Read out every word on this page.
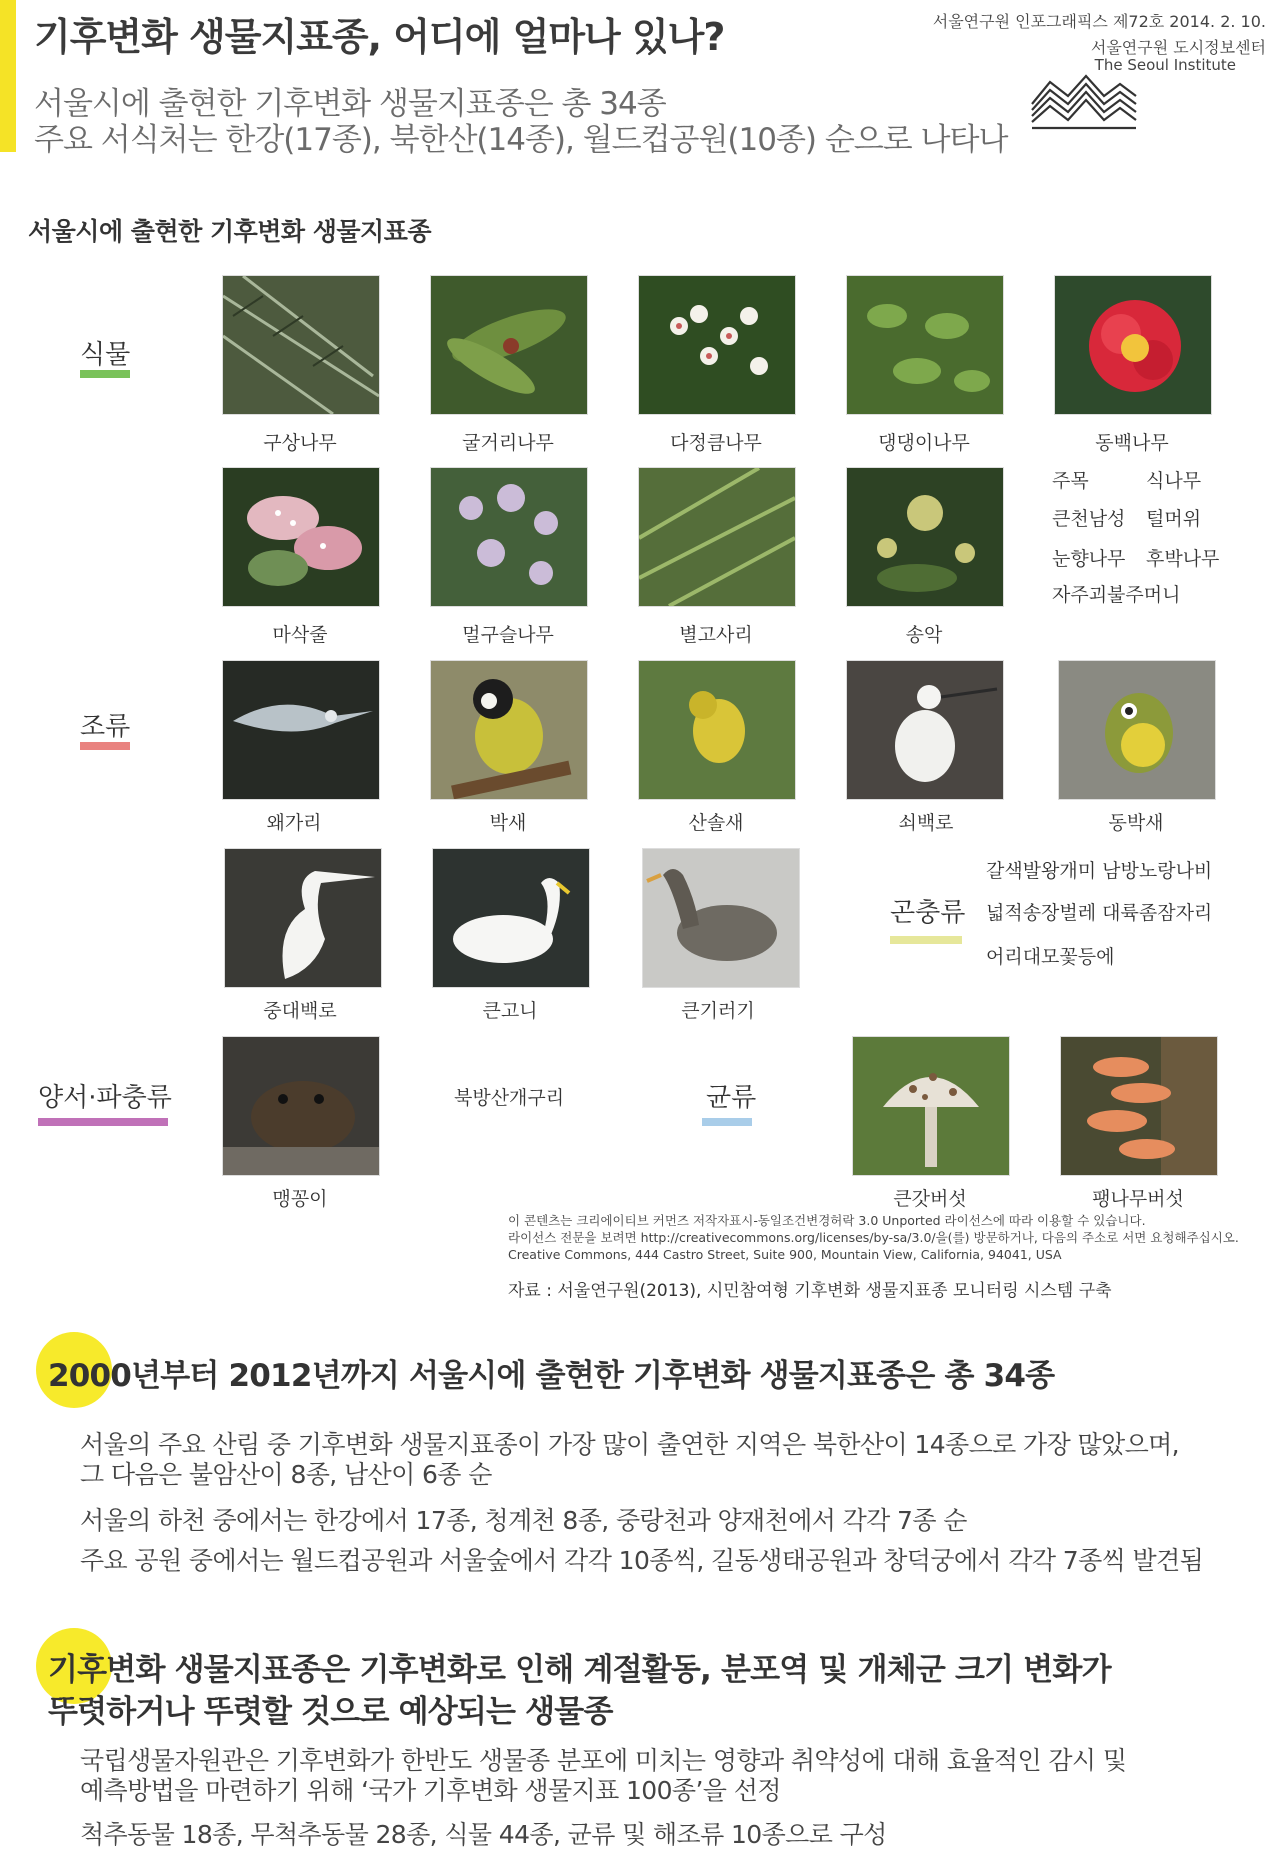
기후변화 생물지표종, 어디에 얼마나 있나?
서울시에 출현한 기후변화 생물지표종은 총 34종
주요 서식처는 한강(17종), 북한산(14종), 월드컵공원(10종) 순으로 나타나
서울연구원 인포그래픽스 제72호 2014. 2. 10.
서울연구원 도시정보센터
The Seoul Institute
서울시에 출현한 기후변화 생물지표종
식물
조류
곤충류
양서·파충류	균류
구상나무	굴거리나무	다정큼나무	댕댕이나무	동백나무
마삭줄	멀구슬나무	별고사리	송악
주목	식나무
큰천남성 털머위
눈향나무 후박나무
자주괴불주머니
왜가리	박새	산솔새	쇠백로	동박새
중대백로	큰고니	큰기러기
갈색발왕개미 남방노랑나비
넓적송장벌레 대륙좀잠자리
어리대모꽃등에
맹꽁이
북방산개구리
큰갓버섯	팽나무버섯
이 콘텐츠는 크리에이티브 커먼즈 저작자표시-동일조건변경허락 3.0 Unported 라이선스에 따라 이용할 수 있습니다.
라이선스 전문을 보려면 http://creativecommons.org/licenses/by-sa/3.0/을(를) 방문하거나, 다음의 주소로 서면 요청해주십시오.
Creative Commons, 444 Castro Street, Suite 900, Mountain View, California, 94041, USA
자료 : 서울연구원(2013), 시민참여형 기후변화 생물지표종 모니터링 시스템 구축
2000년부터 2012년까지 서울시에 출현한 기후변화 생물지표종은 총 34종
서울의 주요 산림 중 기후변화 생물지표종이 가장 많이 출연한 지역은 북한산이 14종으로 가장 많았으며,
그 다음은 불암산이 8종, 남산이 6종 순
서울의 하천 중에서는 한강에서 17종, 청계천 8종, 중랑천과 양재천에서 각각 7종 순
주요 공원 중에서는 월드컵공원과 서울숲에서 각각 10종씩, 길동생태공원과 창덕궁에서 각각 7종씩 발견됨
기후변화 생물지표종은 기후변화로 인해 계절활동, 분포역 및 개체군 크기 변화가
뚜렷하거나 뚜렷할 것으로 예상되는 생물종
국립생물자원관은 기후변화가 한반도 생물종 분포에 미치는 영향과 취약성에 대해 효율적인 감시 및
예측방법을 마련하기 위해 ‘국가 기후변화 생물지표 100종’을 선정
척추동물 18종, 무척추동물 28종, 식물 44종, 균류 및 해조류 10종으로 구성
